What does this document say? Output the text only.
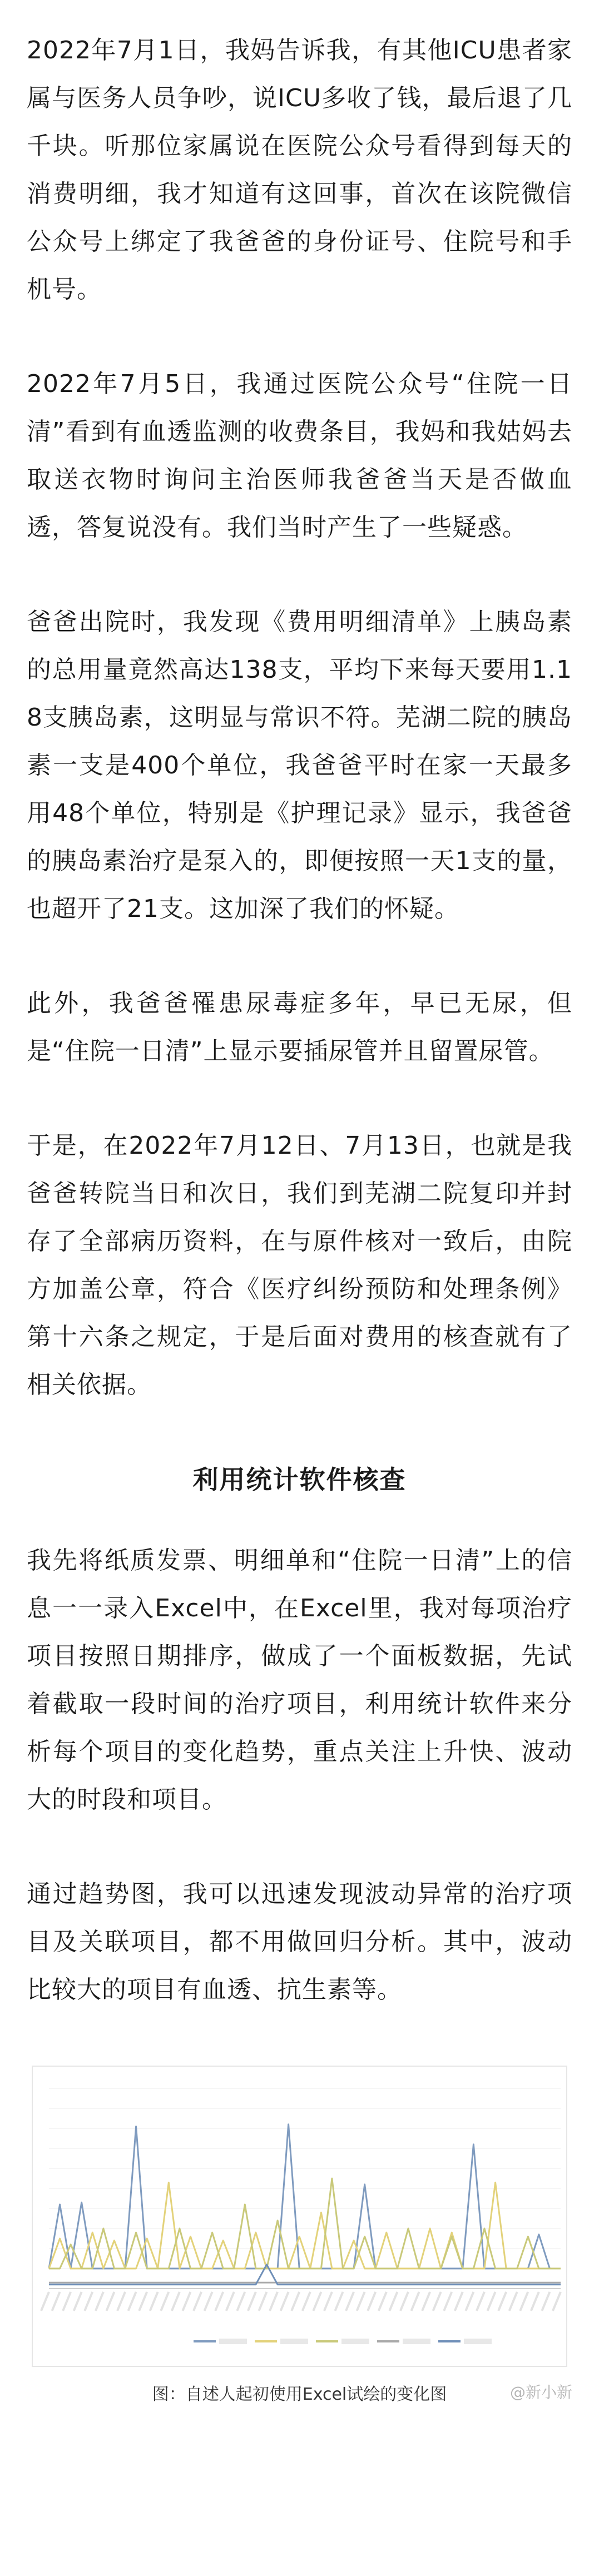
2022年7月1日，我妈告诉我，有其他ICU患者家属与医务人员争吵，说ICU多收了钱，最后退了几千块。听那位家属说在医院公众号看得到每天的消费明细，我才知道有这回事，首次在该院微信公众号上绑定了我爸爸的身份证号、住院号和手机号。

2022年7月5日，我通过医院公众号“住院一日清”看到有血透监测的收费条目，我妈和我姑妈去取送衣物时询问主治医师我爸爸当天是否做血透，答复说没有。我们当时产生了一些疑惑。

爸爸出院时，我发现《费用明细清单》上胰岛素的总用量竟然高达138支，平均下来每天要用1.18支胰岛素，这明显与常识不符。芜湖二院的胰岛素一支是400个单位，我爸爸平时在家一天最多用48个单位，特别是《护理记录》显示，我爸爸的胰岛素治疗是泵入的，即便按照一天1支的量，也超开了21支。这加深了我们的怀疑。

此外，我爸爸罹患尿毒症多年，早已无尿，但是“住院一日清”上显示要插尿管并且留置尿管。

于是，在2022年7月12日、7月13日，也就是我爸爸转院当日和次日，我们到芜湖二院复印并封存了全部病历资料，在与原件核对一致后，由院方加盖公章，符合《医疗纠纷预防和处理条例》第十六条之规定，于是后面对费用的核查就有了相关依据。

利用统计软件核查

我先将纸质发票、明细单和“住院一日清”上的信息一一录入Excel中，在Excel里，我对每项治疗项目按照日期排序，做成了一个面板数据，先试着截取一段时间的治疗项目，利用统计软件来分析每个项目的变化趋势，重点关注上升快、波动大的时段和项目。

通过趋势图，我可以迅速发现波动异常的治疗项目及关联项目，都不用做回归分析。其中，波动比较大的项目有血透、抗生素等。

图：自述人起初使用Excel试绘的变化图	@新小新
